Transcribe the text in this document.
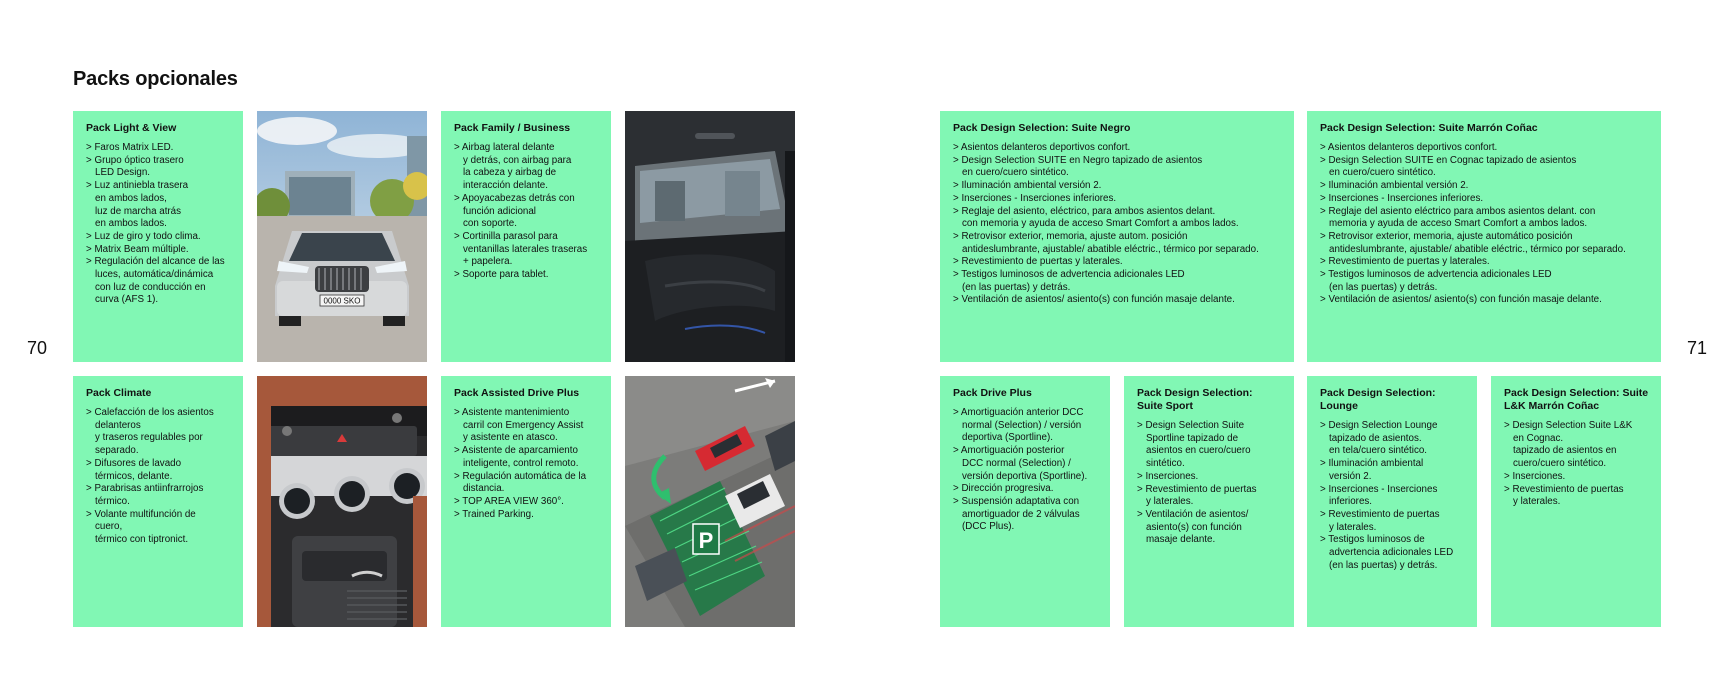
Packs opcionales
70	71
Pack Light & View
> Faros Matrix LED.
> Grupo óptico trasero
LED Design.
> Luz antiniebla trasera
en ambos lados,
luz de marcha atrás
en ambos lados.
> Luz de giro y todo clima.
> Matrix Beam múltiple.
> Regulación del alcance de las
luces, automática/dinámica
con luz de conducción en
curva (AFS 1).	0000 SKO
Pack Family / Business
> Airbag lateral delante
y detrás, con airbag para
la cabeza y airbag de
interacción delante.
> Apoyacabezas detrás con
función adicional
con soporte.
> Cortinilla parasol para
ventanillas laterales traseras
+ papelera.
> Soporte para tablet.
Pack Climate
> Calefacción de los asientos
delanteros
y traseros regulables por
separado.
> Difusores de lavado
térmicos, delante.
> Parabrisas antiinfrarrojos
térmico.
> Volante multifunción de
cuero,
térmico con tiptronict.
Pack Assisted Drive Plus
> Asistente mantenimiento
carril con Emergency Assist
y asistente en atasco.
> Asistente de aparcamiento
inteligente, control remoto.
> Regulación automática de la
distancia.
> TOP AREA VIEW 360°.
> Trained Parking.
P
Pack Design Selection: Suite Negro
> Asientos delanteros deportivos confort.
> Design Selection SUITE en Negro tapizado de asientos
en cuero/cuero sintético.
> Iluminación ambiental versión 2.
> Inserciones - Inserciones inferiores.
> Reglaje del asiento, eléctrico, para ambos asientos delant.
con memoria y ayuda de acceso Smart Comfort a ambos lados.
> Retrovisor exterior, memoria, ajuste autom. posición
antideslumbrante, ajustable/ abatible eléctric., térmico por separado.
> Revestimiento de puertas y laterales.
> Testigos luminosos de advertencia adicionales LED
(en las puertas) y detrás.
> Ventilación de asientos/ asiento(s) con función masaje delante.
Pack Design Selection: Suite Marrón Coñac
> Asientos delanteros deportivos confort.
> Design Selection SUITE en Cognac tapizado de asientos
en cuero/cuero sintético.
> Iluminación ambiental versión 2.
> Inserciones - Inserciones inferiores.
> Reglaje del asiento eléctrico para ambos asientos delant. con
memoria y ayuda de acceso Smart Comfort a ambos lados.
> Retrovisor exterior, memoria, ajuste automático posición
antideslumbrante, ajustable/ abatible eléctric., térmico por separado.
> Revestimiento de puertas y laterales.
> Testigos luminosos de advertencia adicionales LED
(en las puertas) y detrás.
> Ventilación de asientos/ asiento(s) con función masaje delante.
Pack Drive Plus
> Amortiguación anterior DCC
normal (Selection) / versión
deportiva (Sportline).
> Amortiguación posterior
DCC normal (Selection) /
versión deportiva (Sportline).
> Dirección progresiva.
> Suspensión adaptativa con
amortiguador de 2 válvulas
(DCC Plus).
Pack Design Selection:
Suite Sport
> Design Selection Suite
Sportline tapizado de
asientos en cuero/cuero
sintético.
> Inserciones.
> Revestimiento de puertas
y laterales.
> Ventilación de asientos/
asiento(s) con función
masaje delante.
Pack Design Selection:
Lounge
> Design Selection Lounge
tapizado de asientos.
en tela/cuero sintético.
> Iluminación ambiental
versión 2.
> Inserciones - Inserciones
inferiores.
> Revestimiento de puertas
y laterales.
> Testigos luminosos de
advertencia adicionales LED
(en las puertas) y detrás.
Pack Design Selection: Suite
L&K Marrón Coñac
> Design Selection Suite L&K
en Cognac.
tapizado de asientos en
cuero/cuero sintético.
> Inserciones.
> Revestimiento de puertas
y laterales.
